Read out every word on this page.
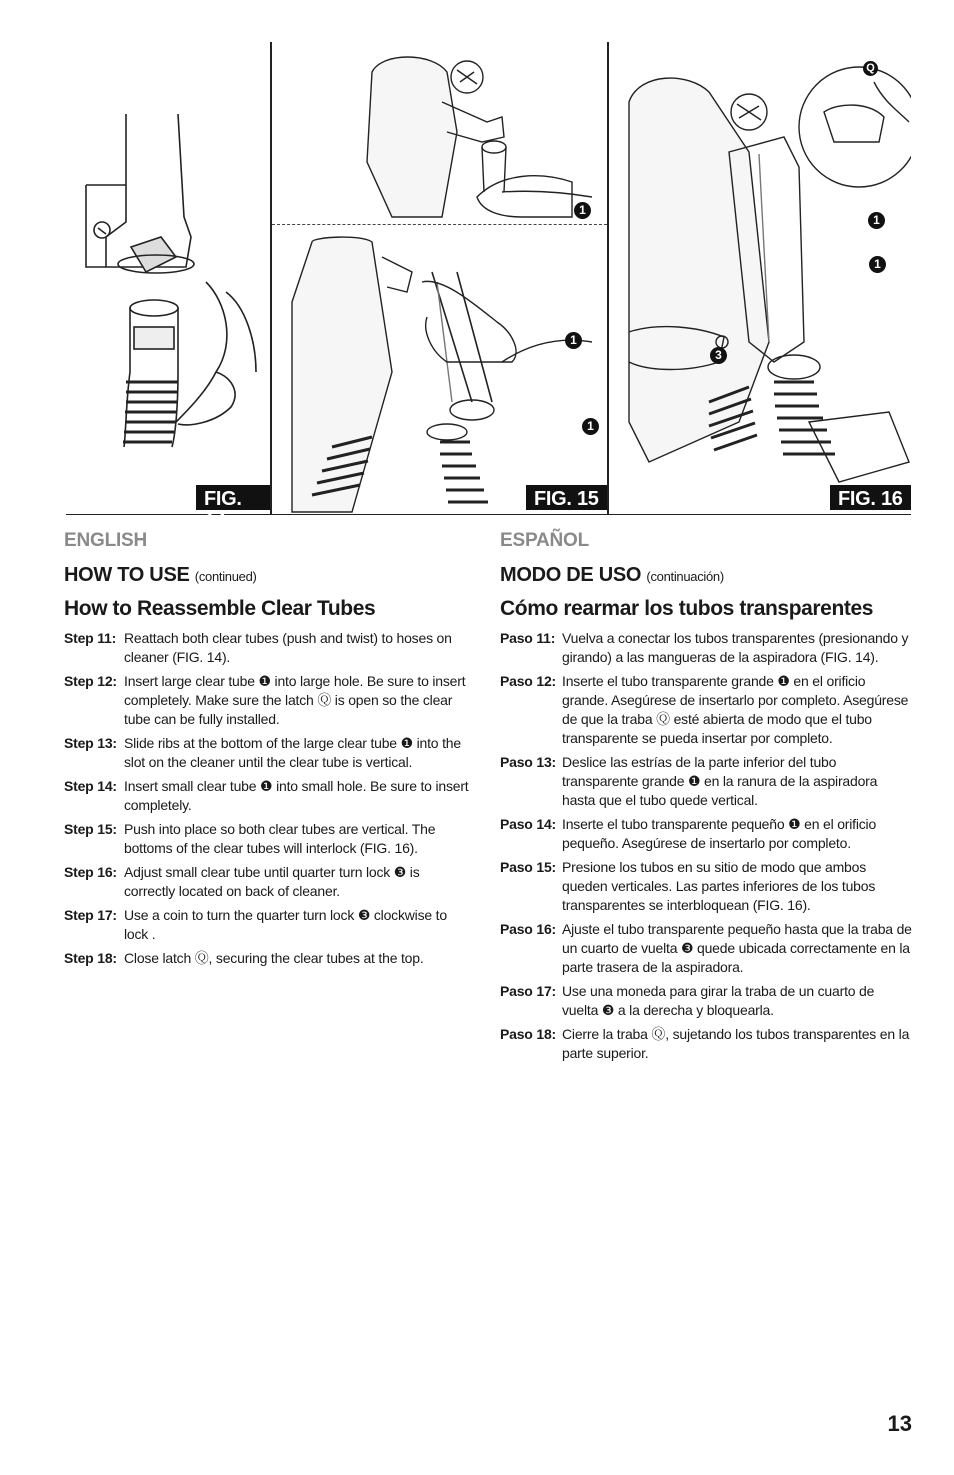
FIG. 14
1
1
1
FIG. 15
Q
1
1
3
FIG. 16
ENGLISH
HOW TO USE (continued)
How to Reassemble Clear Tubes
Step 11: Reattach both clear tubes (push and twist) to hoses on cleaner (FIG. 14).
Step 12: Insert large clear tube ❶ into large hole. Be sure to insert completely. Make sure the latch Ⓠ is open so the clear tube can be fully installed.
Step 13: Slide ribs at the bottom of the large clear tube ❶ into the slot on the cleaner until the clear tube is vertical.
Step 14: Insert small clear tube ❶ into small hole. Be sure to insert completely.
Step 15: Push into place so both clear tubes are vertical. The bottoms of the clear tubes will interlock (FIG. 16).
Step 16: Adjust small clear tube until quarter turn lock ❸ is correctly located on back of cleaner.
Step 17: Use a coin to turn the quarter turn lock ❸ clockwise to lock .
Step 18: Close latch Ⓠ, securing the clear tubes at the top.
ESPAÑOL
MODO DE USO (continuación)
Cómo rearmar los tubos transparentes
Paso 11: Vuelva a conectar los tubos transparentes (presionando y girando) a las mangueras de la aspiradora (FIG. 14).
Paso 12: Inserte el tubo transparente grande ❶ en el orificio grande. Asegúrese de insertarlo por completo. Asegúrese de que la traba Ⓠ esté abierta de modo que el tubo transparente se pueda insertar por completo.
Paso 13: Deslice las estrías de la parte inferior del tubo transparente grande ❶ en la ranura de la aspiradora hasta que el tubo quede vertical.
Paso 14: Inserte el tubo transparente pequeño ❶ en el orificio pequeño. Asegúrese de insertarlo por completo.
Paso 15: Presione los tubos en su sitio de modo que ambos queden verticales. Las partes inferiores de los tubos transparentes se interbloquean (FIG. 16).
Paso 16: Ajuste el tubo transparente pequeño hasta que la traba de un cuarto de vuelta ❸ quede ubicada correctamente en la parte trasera de la aspiradora.
Paso 17: Use una moneda para girar la traba de un cuarto de vuelta ❸ a la derecha y bloquearla.
Paso 18: Cierre la traba Ⓠ, sujetando los tubos transparentes en la parte superior.
13
